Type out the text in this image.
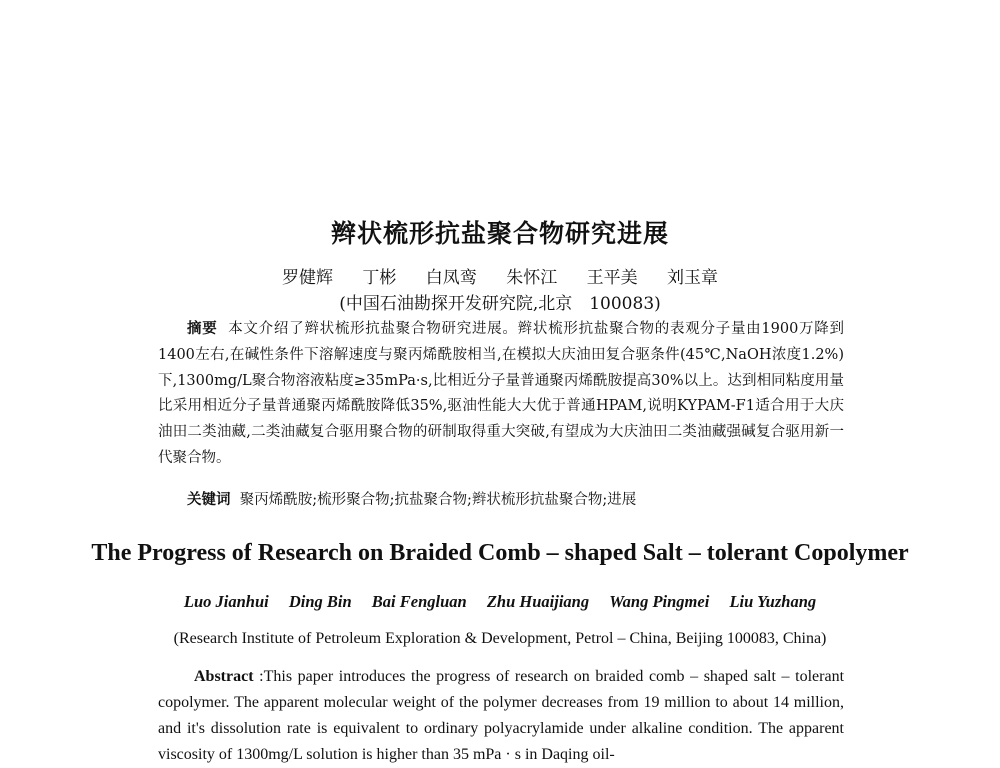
辫状梳形抗盐聚合物研究进展
罗健辉 丁彬 白凤鸾 朱怀江 王平美 刘玉章
(中国石油勘探开发研究院,北京　100083)
摘要 本文介绍了辫状梳形抗盐聚合物研究进展。辫状梳形抗盐聚合物的表观分子量由1900万降到1400左右,在碱性条件下溶解速度与聚丙烯酰胺相当,在模拟大庆油田复合驱条件(45℃,NaOH浓度1.2%)下,1300mg/L聚合物溶液粘度≥35mPa·s,比相近分子量普通聚丙烯酰胺提高30%以上。达到相同粘度用量比采用相近分子量普通聚丙烯酰胺降低35%,驱油性能大大优于普通HPAM,说明KYPAM-F1适合用于大庆油田二类油藏,二类油藏复合驱用聚合物的研制取得重大突破,有望成为大庆油田二类油藏强碱复合驱用新一代聚合物。
关键词 聚丙烯酰胺;梳形聚合物;抗盐聚合物;辫状梳形抗盐聚合物;进展
The Progress of Research on Braided Comb – shaped Salt – tolerant Copolymer
Luo Jianhui Ding Bin Bai Fengluan Zhu Huaijiang Wang Pingmei Liu Yuzhang
(Research Institute of Petroleum Exploration & Development, Petrol – China, Beijing 100083, China)
Abstract :This paper introduces the progress of research on braided comb – shaped salt – tolerant copolymer. The apparent molecular weight of the polymer decreases from 19 million to about 14 million, and it's dissolution rate is equivalent to ordinary polyacrylamide under alkaline condition. The apparent viscosity of 1300mg/L solution is higher than 35 mPa · s in Daqing oil-
